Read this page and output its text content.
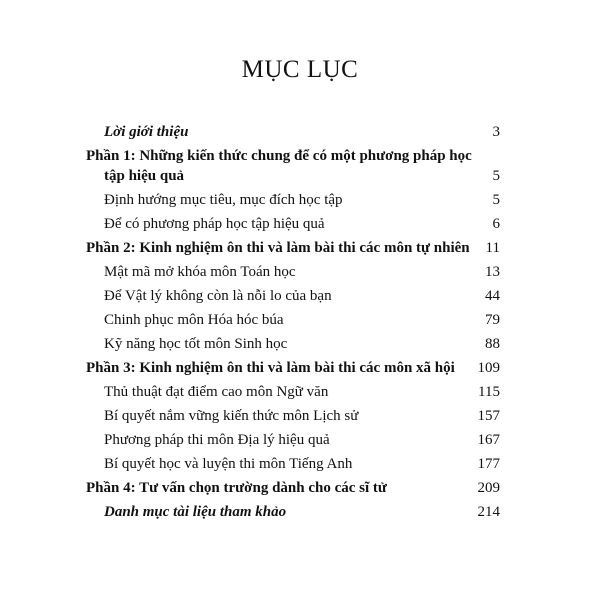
MỤC LỤC
Lời giới thiệu	3
Phần 1: Những kiến thức chung để có một phương pháp học
tập hiệu quả	5
Định hướng mục tiêu, mục đích học tập	5
Để có phương pháp học tập hiệu quả	6
Phần 2: Kinh nghiệm ôn thi và làm bài thi các môn tự nhiên 11
Mật mã mở khóa môn Toán học	13
Để Vật lý không còn là nỗi lo của bạn	44
Chinh phục môn Hóa hóc búa	79
Kỹ năng học tốt môn Sinh học	88
Phần 3: Kinh nghiệm ôn thi và làm bài thi các môn xã hội 109
Thủ thuật đạt điểm cao môn Ngữ văn	115
Bí quyết nắm vững kiến thức môn Lịch sử	157
Phương pháp thi môn Địa lý hiệu quả	167
Bí quyết học và luyện thi môn Tiếng Anh	177
Phần 4: Tư vấn chọn trường dành cho các sĩ tử	209
Danh mục tài liệu tham khảo	214
